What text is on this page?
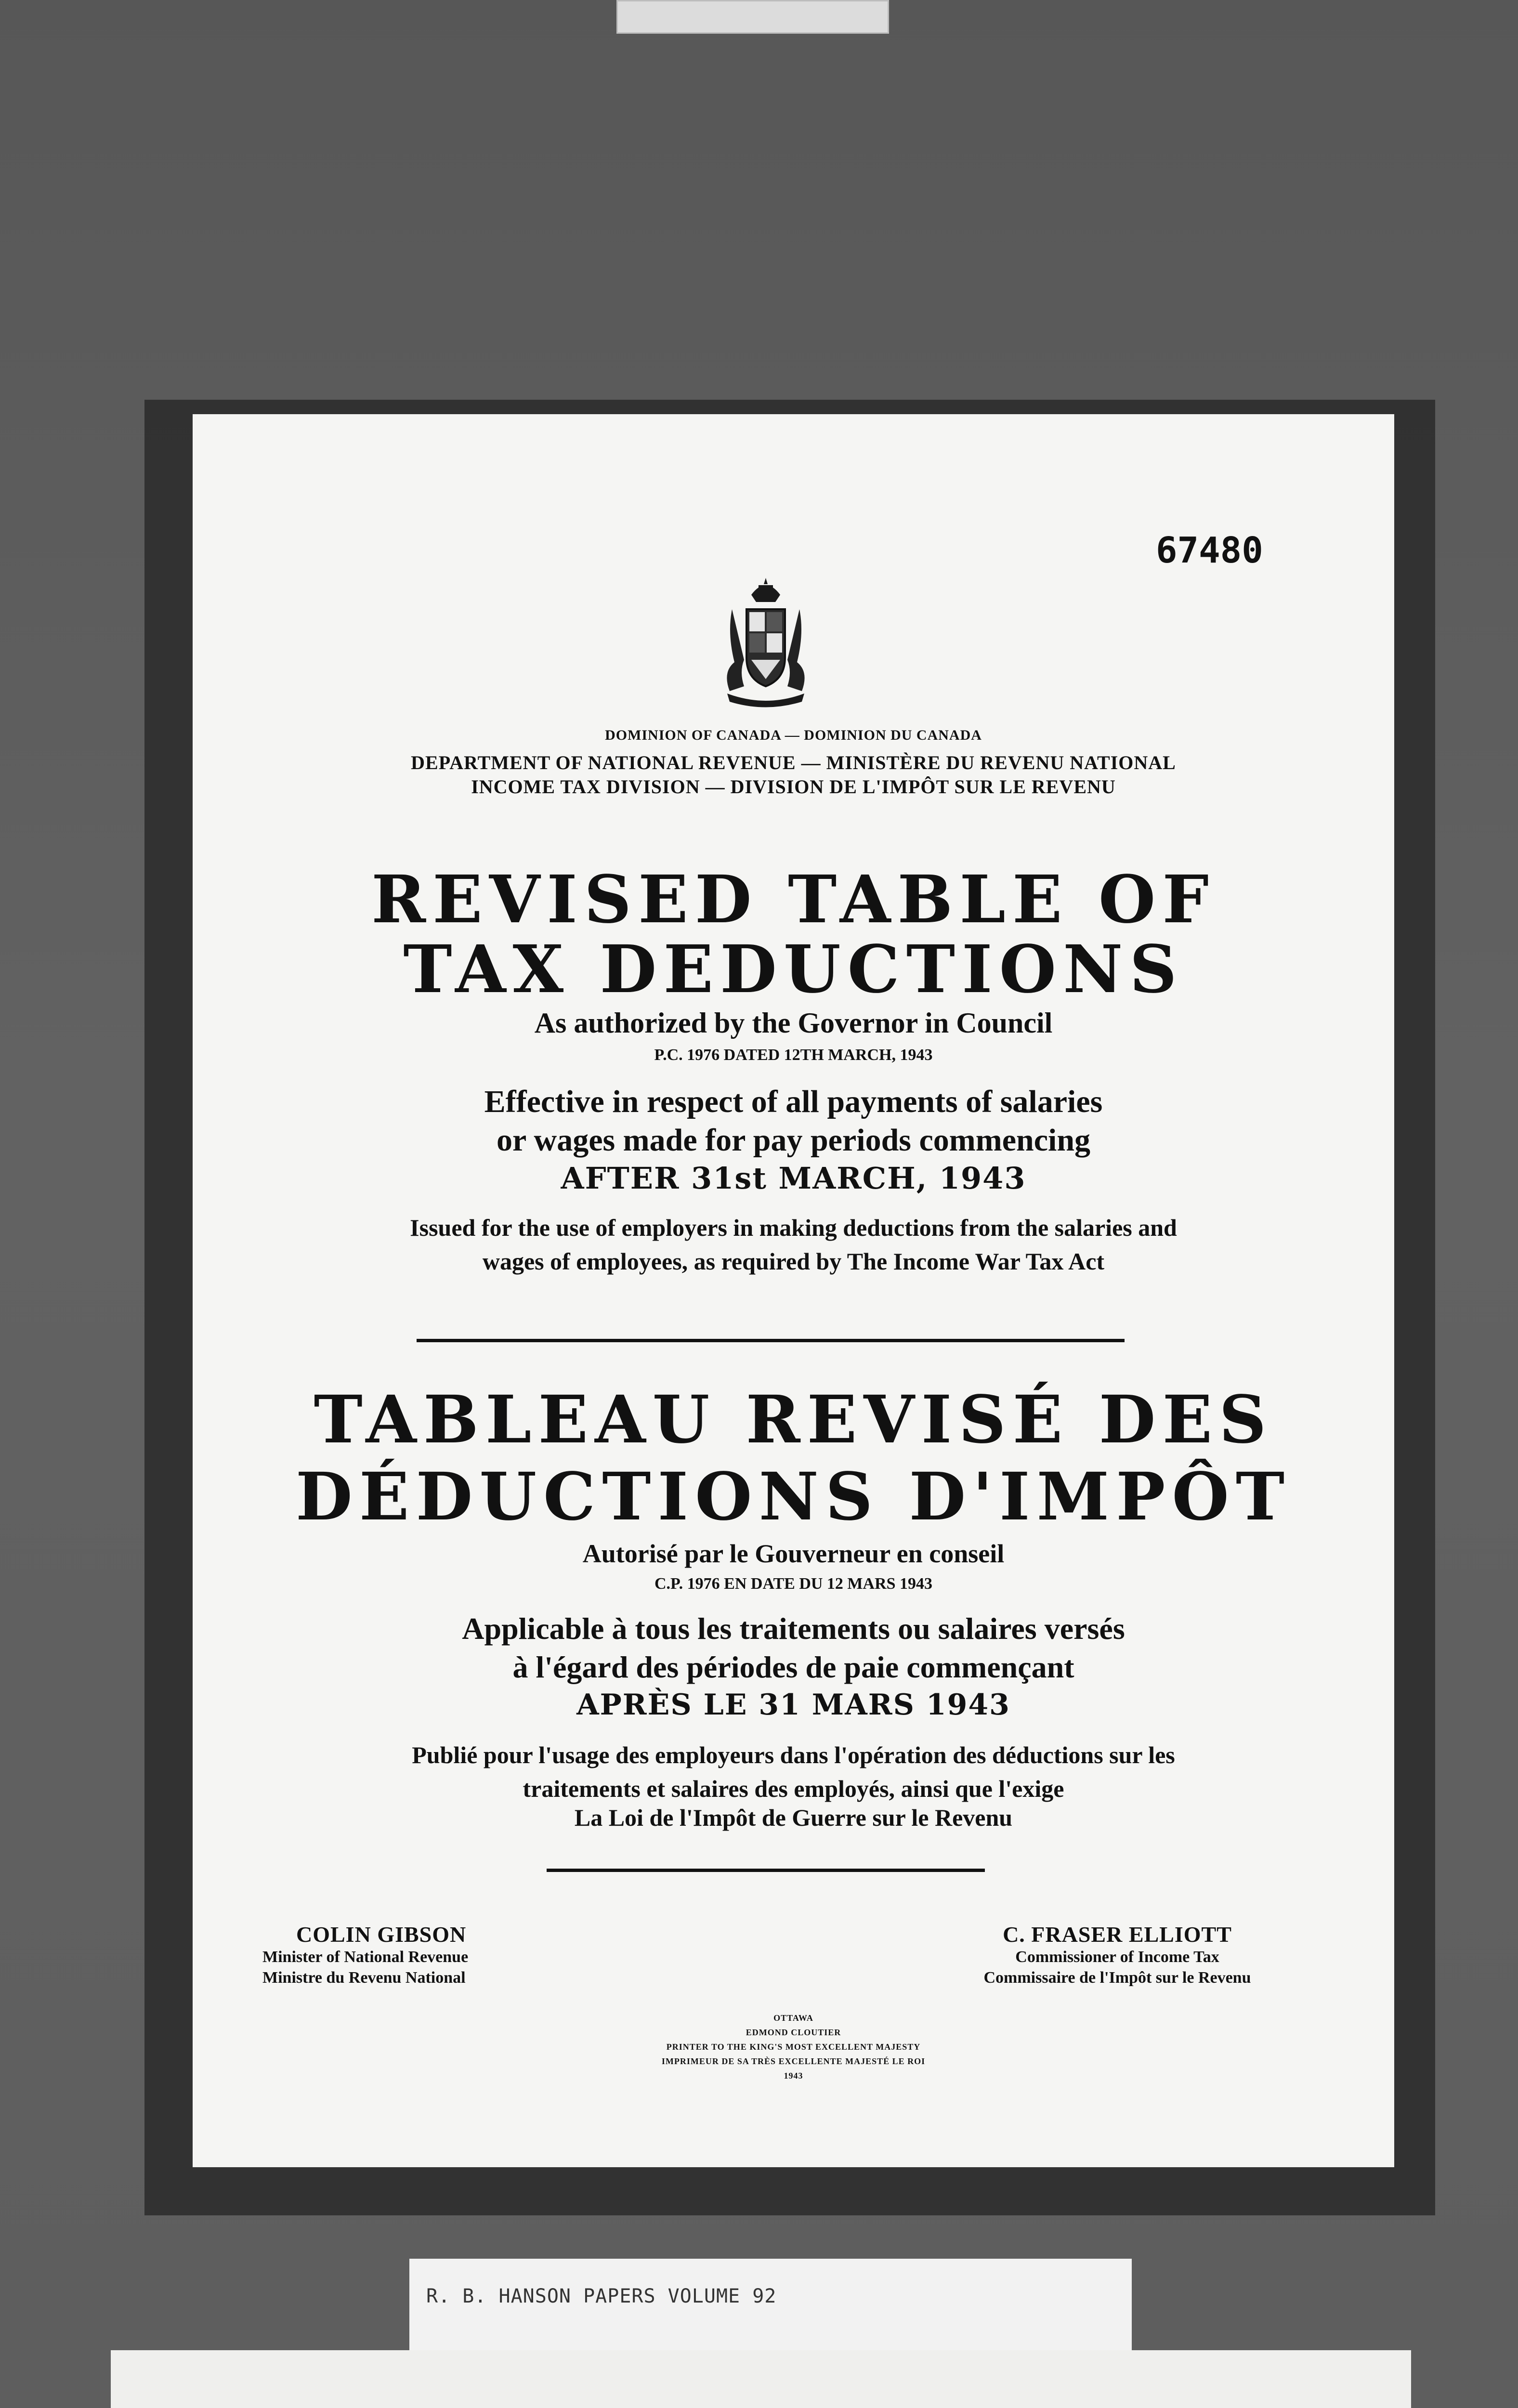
67480
DOMINION OF CANADA — DOMINION DU CANADA
DEPARTMENT OF NATIONAL REVENUE — MINISTÈRE DU REVENU NATIONAL
INCOME TAX DIVISION — DIVISION DE L'IMPÔT SUR LE REVENU
REVISED TABLE OF
TAX DEDUCTIONS
As authorized by the Governor in Council
P.C. 1976 DATED 12TH MARCH, 1943
Effective in respect of all payments of salaries
or wages made for pay periods commencing
AFTER 31st MARCH, 1943
Issued for the use of employers in making deductions from the salaries and
wages of employees, as required by The Income War Tax Act
TABLEAU REVISÉ DES
DÉDUCTIONS D'IMPÔT
Autorisé par le Gouverneur en conseil
C.P. 1976 EN DATE DU 12 MARS 1943
Applicable à tous les traitements ou salaires versés
à l'égard des périodes de paie commençant
APRÈS LE 31 MARS 1943
Publié pour l'usage des employeurs dans l'opération des déductions sur les
traitements et salaires des employés, ainsi que l'exige
La Loi de l'Impôt de Guerre sur le Revenu
COLIN GIBSON
Minister of National Revenue
Ministre du Revenu National
C. FRASER ELLIOTT
Commissioner of Income Tax
Commissaire de l'Impôt sur le Revenu
OTTAWA
EDMOND CLOUTIER
PRINTER TO THE KING'S MOST EXCELLENT MAJESTY
IMPRIMEUR DE SA TRÈS EXCELLENTE MAJESTÉ LE ROI
1943
R. B. HANSON PAPERS VOLUME 92
